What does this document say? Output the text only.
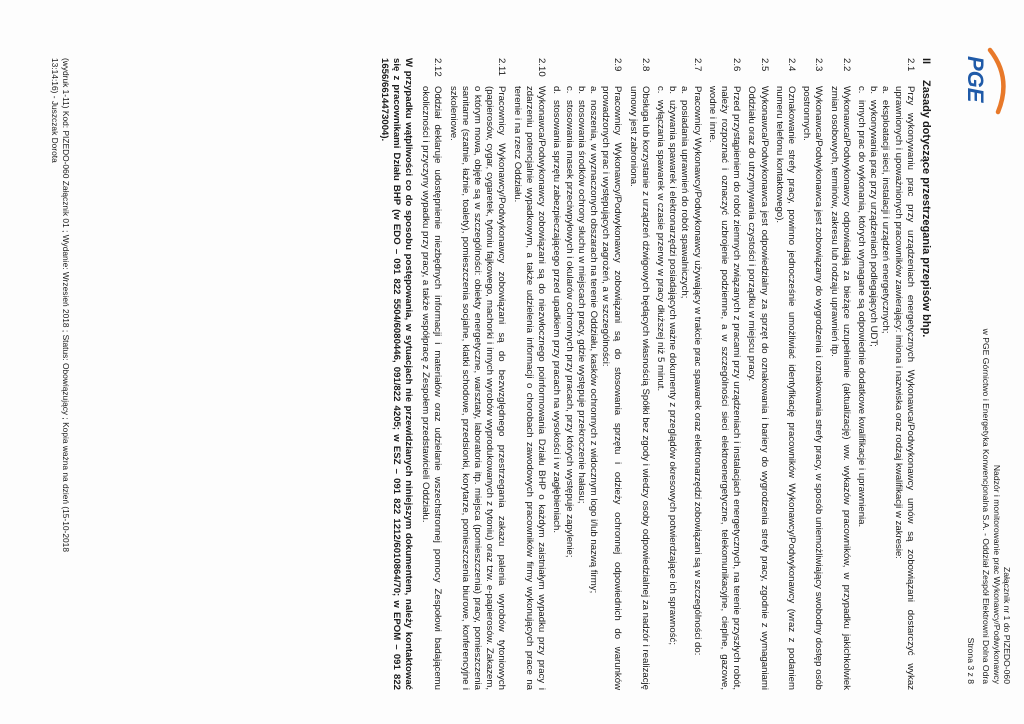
PGE
Załącznik nr 1 do PIZEDO-060
Nadzór i monitorowanie prac Wykonawcy/Podwykonawcy
w PGE Górnictwo i Energetyka Konwencjonalna S.A. - Oddział Zespół Elektrowni Dolna Odra
Strona 3 z 8
IIZasady dotyczące przestrzegania przepisów bhp.
2.1

Przy wykonywaniu prac przy urządzeniach energetycznych Wykonawca/Podwykonawcy umów są zobowiązani dostarczyć wykaz uprawnionych i upoważnionych pracowników zawierający: imiona i nazwiska oraz rodzaj kwalifikacji w zakresie:

a.
eksploatacji sieci, instalacji i urządzeń energetycznych;
b.
wykonywania prac przy urządzeniach podlegających UDT;
c.
innych prac do wykonania, których wymagane są odpowiednie dodatkowe kwalifikacje i uprawnienia.
2.2

Wykonawca/Podwykonawcy odpowiadają za bieżące uzupełnianie (aktualizację) ww. wykazów pracowników, w przypadku jakichkolwiek zmian osobowych, terminów, zakresu lub rodzaju uprawnień itp.

2.3

Wykonawca/Podwykonawca jest zobowiązany do wygrodzenia i oznakowania strefy pracy, w sposób uniemożliwiający swobodny dostęp osób postronnych.

2.4

Oznakowanie strefy pracy, powinno jednocześnie umożliwiać identyfikację pracowników Wykonawcy/Podwykonawcy (wraz z podaniem numeru telefonu kontaktowego).

2.5

Wykonawca/Podwykonawca jest odpowiedzialny za sprzęt do oznakowania i bariery do wygrodzenia strefy pracy, zgodnie z wymaganiami Oddziału oraz do utrzymywania czystości i porządku w miejscu pracy.

2.6

Przed przystąpieniem do robót ziemnych związanych z pracami przy urządzeniach i instalacjach energetycznych, na terenie przyszłych robót, należy rozpoznać i oznaczyć uzbrojenie podziemne, a w szczególności sieci elektroenergetyczne, telekomunikacyjne, cieplne, gazowe, wodne i inne.

2.7

Pracownicy Wykonawcy/Podwykonawcy używający w trakcie prac spawarek oraz elektronarzędzi zobowiązani są w szczególności do:

a.
posiadania uprawnień do robót spawalniczych;
b.
używania spawarek i elektronarzędzi posiadających ważne dokumenty z przeglądów okresowych potwierdzające ich sprawność;
c.
wyłączania spawarek w czasie przerwy w pracy dłuższej niż 5 minut.
2.8

Obsługa lub korzystanie z urządzeń dźwigowych będących własnością Spółki bez zgody i wiedzy osoby odpowiedzialnej za nadzór i realizację umowy jest zabroniona.

2.9

Pracownicy Wykonawcy/Podwykonawcy zobowiązani są do stosowania sprzętu i odzieży ochronnej odpowiednich do warunków prowadzonych prac i występujących zagrożeń, a w szczególności:

a.
noszenia, w wyznaczonych obszarach na terenie Oddziału, kasków ochronnych z widocznym logo i/lub nazwą firmy;
b.
stosowania środków ochrony słuchu w miejscach pracy, gdzie występuje przekroczenie hałasu;
c.
stosowania masek przeciwpyłowych i okularów ochronnych przy pracach, przy których występuje zapylenie;
d.
stosowania sprzętu zabezpieczającego przed upadkiem przy pracach na wysokości i w zagłębieniach.
2.10

Wykonawca/Podwykonawcy zobowiązani są do niezwłocznego poinformowania Działu BHP o każdym zaistniałym wypadku przy pracy i zdarzeniu potencjalnie wypadkowym, a także udzielenia informacji o chorobach zawodowych pracowników firmy wykonujących prace na terenie i na rzecz Oddziału.

2.11

Pracownicy Wykonawcy/Podwykonawcy zobowiązani są do bezwzględnego przestrzegania zakazu palenia wyrobów tytoniowych (papierosów, cygar, cygaretek, tytoniu fajkowego, machorki i innych wyrobów wyprodukowanych z tytoniu) oraz tzw. e-papierosów. Zakazem, o którym mowa, objęte są w szczególności: obiekty energetyczne, warsztaty, laboratoria itp. miejsca (pomieszczenia) pracy, pomieszczenia sanitarne (szatnie, łaźnie, toalety), pomieszczenia socjalne, klatki schodowe, przedsionki, korytarze, pomieszczenia biurowe, konferencyjne i szkoleniowe.

2.12

Oddział deklaruje udostępnienie niezbędnych informacji i materiałów oraz udzielanie wszechstronnej pomocy Zespołowi badającemu okoliczności i przyczyny wypadku przy pracy, a także współpracę z Zespołem przedstawicieli Oddziału.

W przypadku wątpliwości co do sposobu postępowania, w sytuacjach nie przewidzianych niniejszym dokumentem, należy kontaktować się z pracownikami Działu BHP (w EDO – 091 822 5504/6080446, 091/822 4205; w ESZ – 091 822 1212/6010864/70; w EPOM – 091 822 1656/6614473004).
(wydruk 1-11) Kod: PIZEDO-060 Załącznik 01 ; Wydanie: Wrzesień 2018 ; Status: Obowiązujący ; Kopia ważna na dzień (15-10-2018
13:14:16) - Juszczak Dorota
